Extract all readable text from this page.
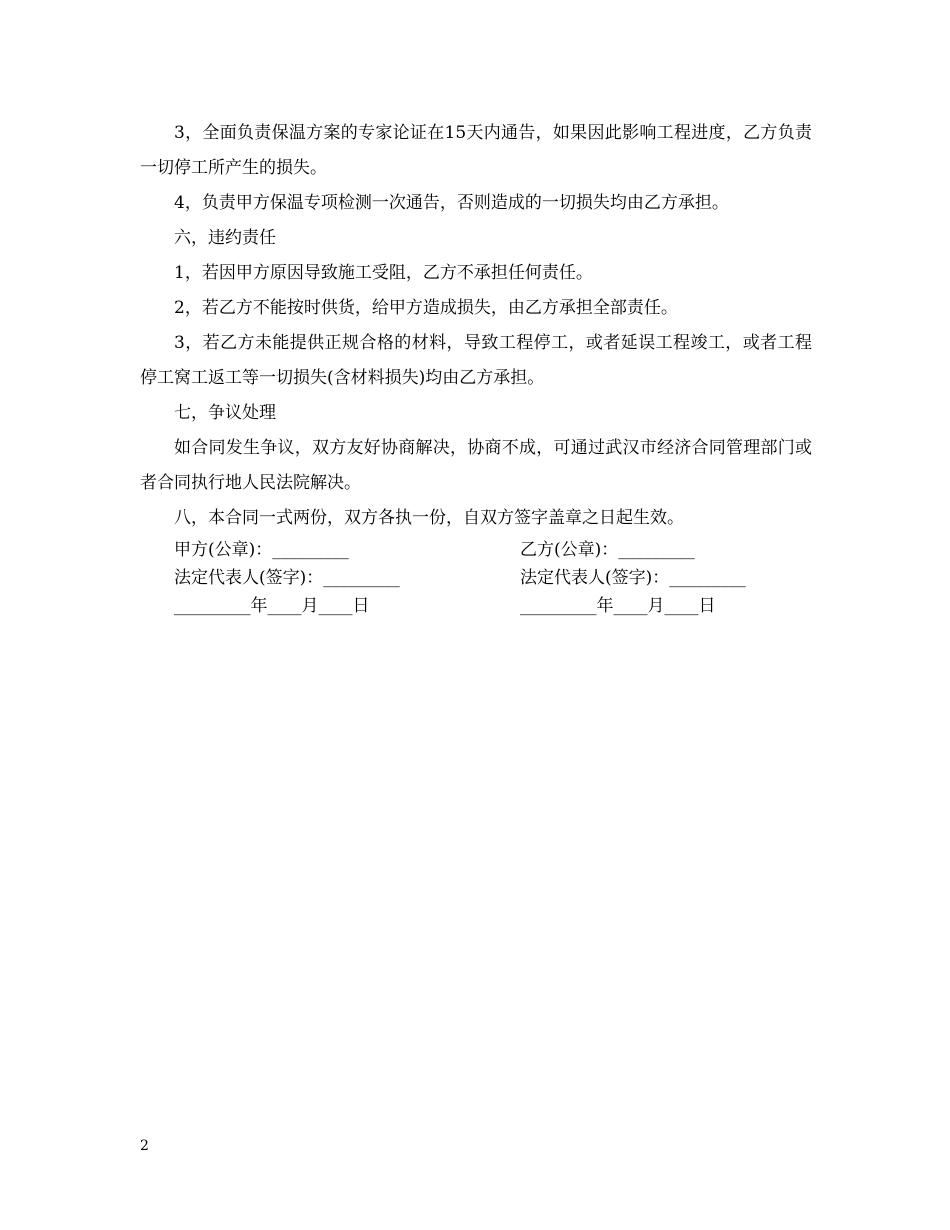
3，全面负责保温方案的专家论证在15天内通告，如果因此影响工程进度，乙方负责一切停工所产生的损失。

4，负责甲方保温专项检测一次通告，否则造成的一切损失均由乙方承担。

六，违约责任

1，若因甲方原因导致施工受阻，乙方不承担任何责任。

2，若乙方不能按时供货，给甲方造成损失，由乙方承担全部责任。

3，若乙方未能提供正规合格的材料，导致工程停工，或者延误工程竣工，或者工程停工窝工返工等一切损失(含材料损失)均由乙方承担。

七，争议处理

如合同发生争议，双方友好协商解决，协商不成，可通过武汉市经济合同管理部门或者合同执行地人民法院解决。

八，本合同一式两份，双方各执一份，自双方签字盖章之日起生效。

甲方(公章)：_________	乙方(公章)：_________
法定代表人(签字)：_________	法定代表人(签字)：_________
_________年____月____日	_________年____月____日
2
